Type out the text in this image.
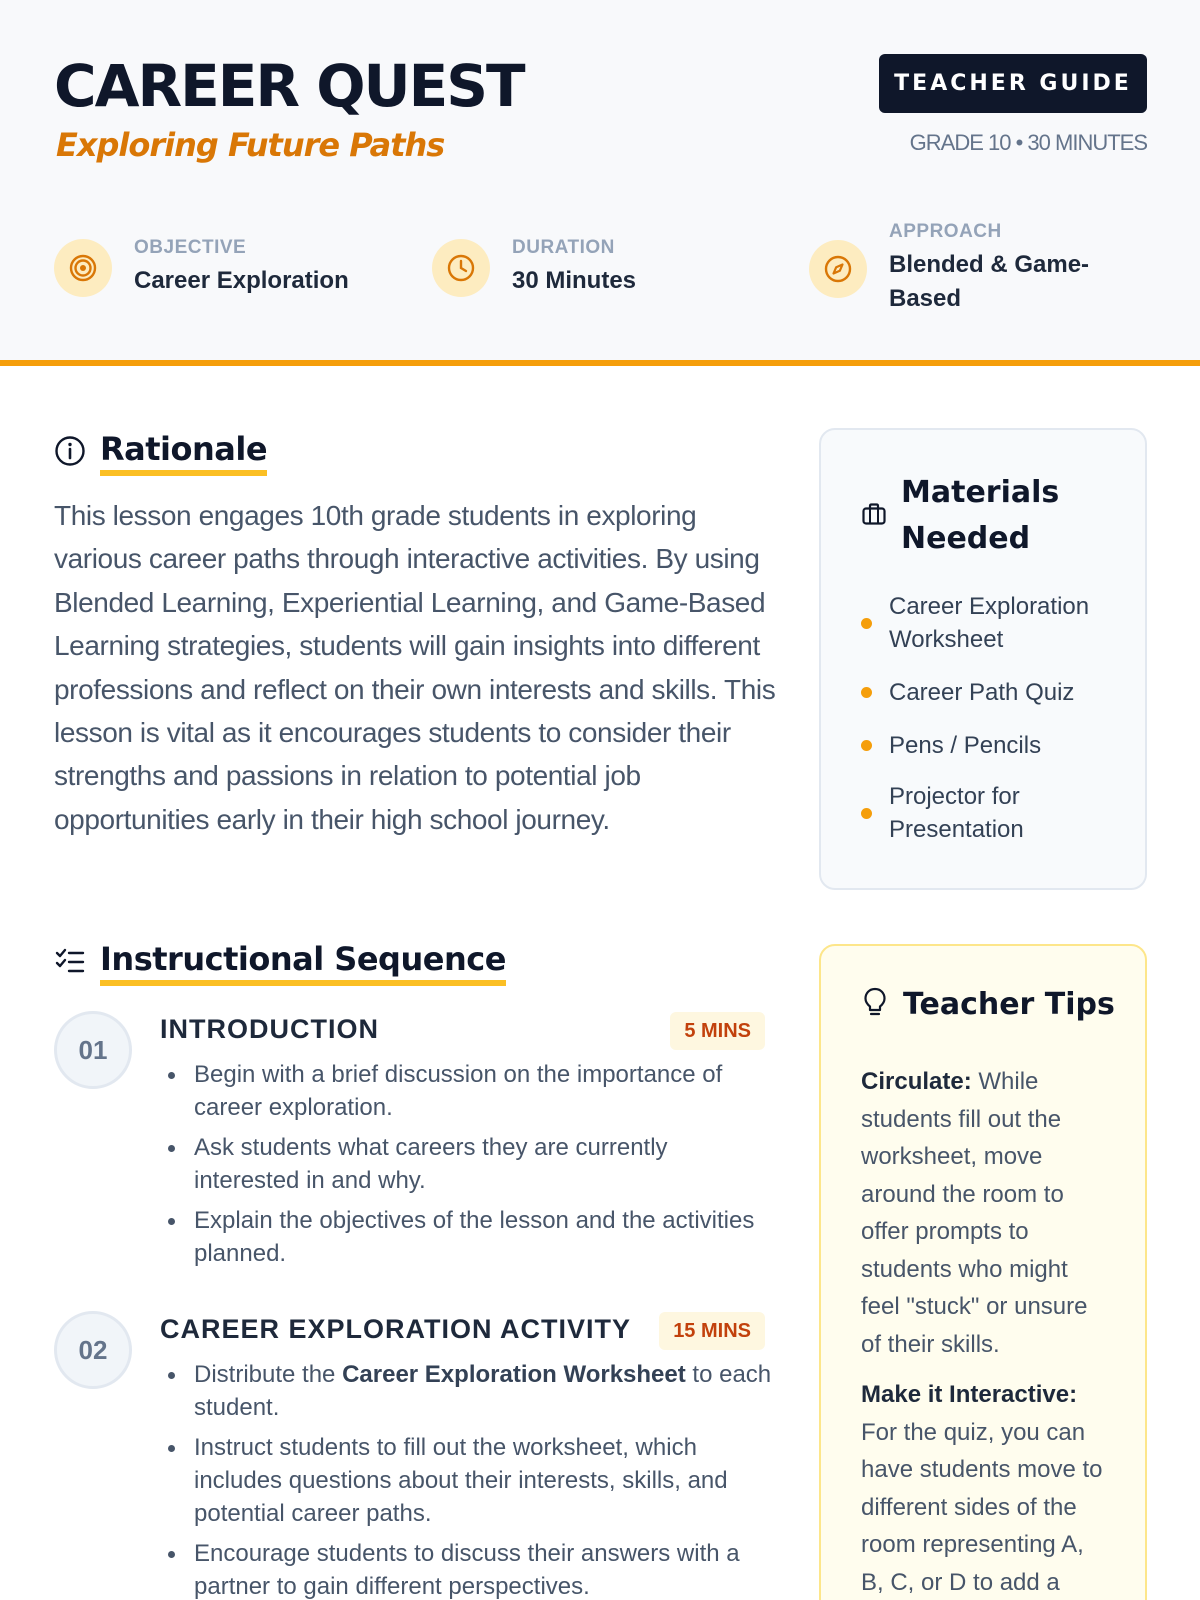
CAREER QUEST
Exploring Future Paths
TEACHER GUIDE
GRADE 10 • 30 MINUTES
OBJECTIVE
Career Exploration
DURATION
30 Minutes
APPROACH
Blended & Game-Based
Rationale

This lesson engages 10th grade students in exploring various career paths through interactive activities. By using Blended Learning, Experiential Learning, and Game-Based Learning strategies, students will gain insights into different professions and reflect on their own interests and skills. This lesson is vital as it encourages students to consider their strengths and passions in relation to potential job opportunities early in their high school journey.

Instructional Sequence
01
INTRODUCTION	5 MINS
Begin with a brief discussion on the importance of career exploration.
Ask students what careers they are currently interested in and why.
Explain the objectives of the lesson and the activities planned.
02
CAREER EXPLORATION ACTIVITY	15 MINS
Distribute the Career Exploration Worksheet to each student.
Instruct students to fill out the worksheet, which includes questions about their interests, skills, and potential career paths.
Encourage students to discuss their answers with a partner to gain different perspectives.
Materials Needed
Career Exploration Worksheet
Career Path Quiz
Pens / Pencils
Projector for Presentation
Teacher Tips

Circulate: While students fill out the worksheet, move around the room to offer prompts to students who might feel "stuck" or unsure of their skills.

Make it Interactive: For the quiz, you can have students move to different sides of the room representing A, B, C, or D to add a
